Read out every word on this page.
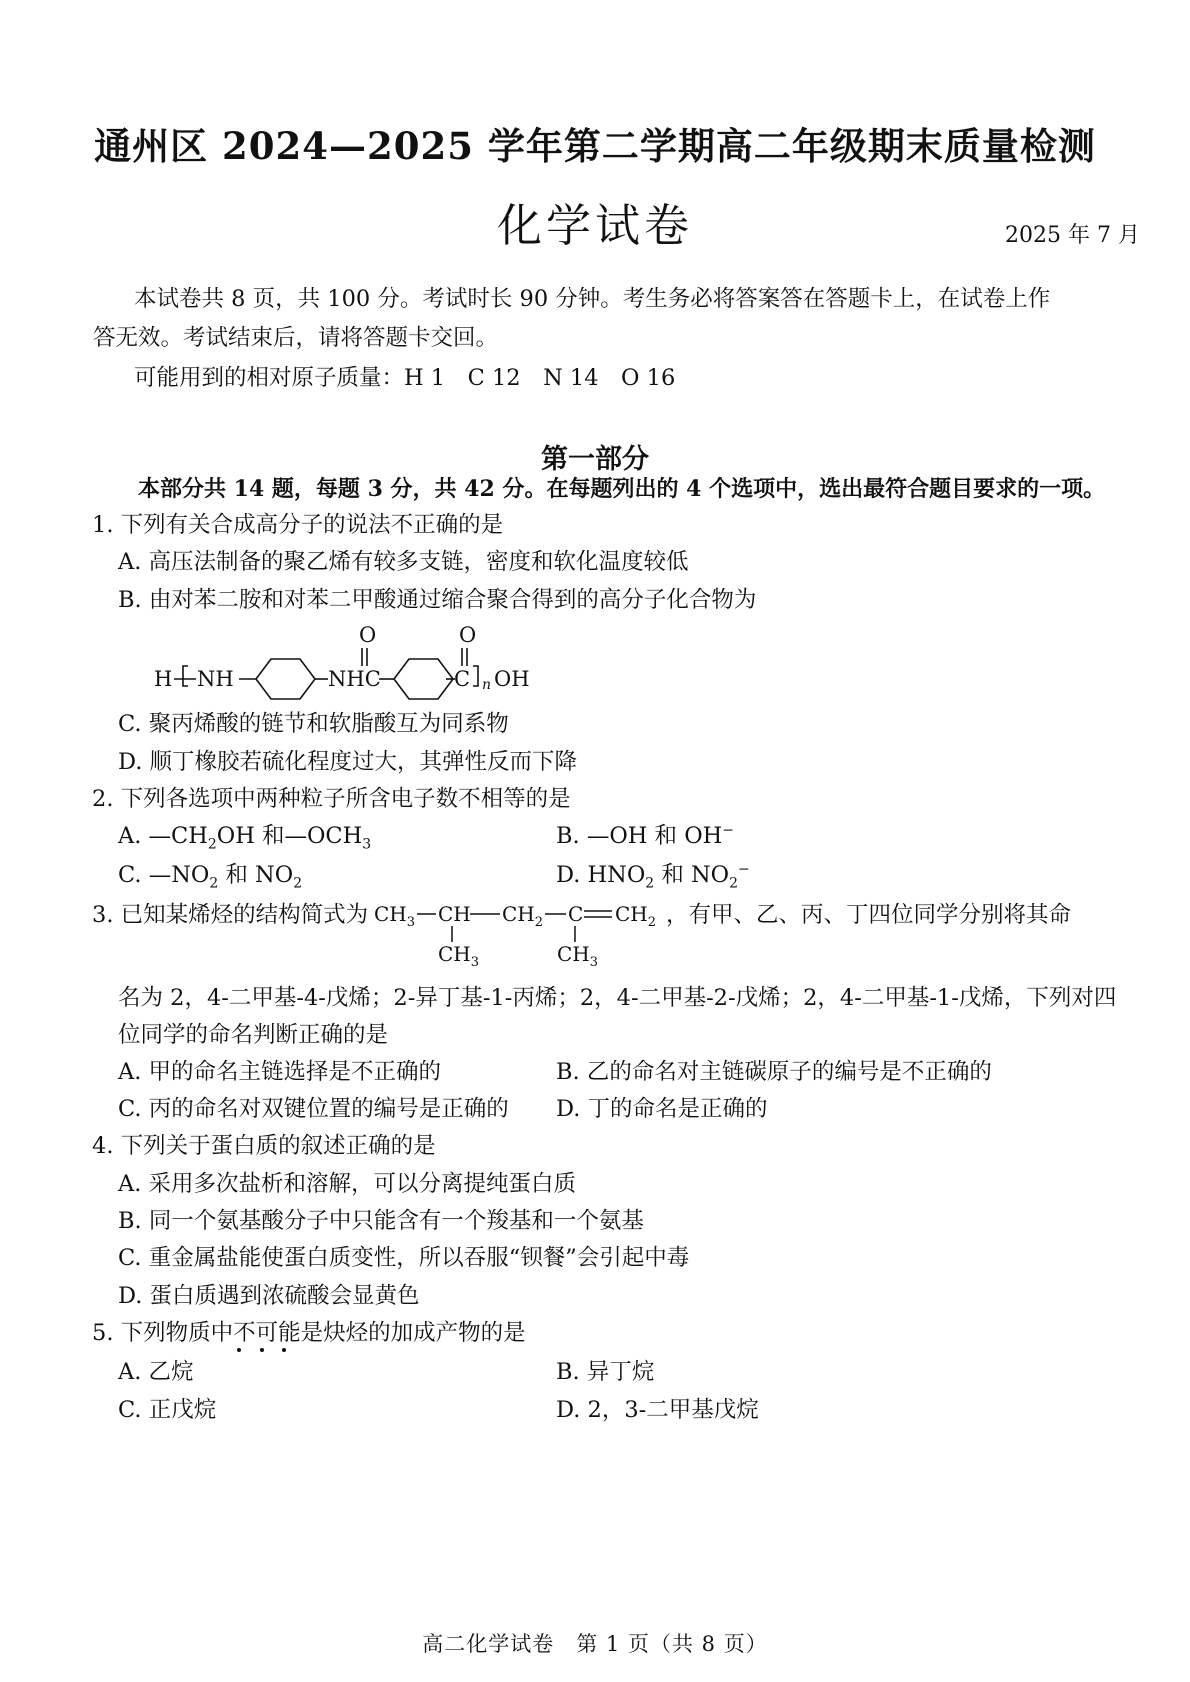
通州区 2024—2025 学年第二学期高二年级期末质量检测
化学试卷	2025 年 7 月
本试卷共 8 页，共 100 分。考试时长 90 分钟。考生务必将答案答在答题卡上，在试卷上作
答无效。考试结束后，请将答题卡交回。
可能用到的相对原子质量：H 1　C 12　N 14　O 16
第一部分
本部分共 14 题，每题 3 分，共 42 分。在每题列出的 4 个选项中，选出最符合题目要求的一项。
1. 下列有关合成高分子的说法不正确的是
A. 高压法制备的聚乙烯有较多支链，密度和软化温度较低
B. 由对苯二胺和对苯二甲酸通过缩合聚合得到的高分子化合物为
H NH	NHC	C n OH
O	O
C. 聚丙烯酸的链节和软脂酸互为同系物
D. 顺丁橡胶若硫化程度过大，其弹性反而下降
2. 下列各选项中两种粒子所含电子数不相等的是
A. $—CH_2OH$ 和$—OCH_3$	B. —OH 和 OH−
C. $—NO_2$ 和 $NO_2$	D. $HNO_2$ 和 $NO_2^-$
3. 已知某烯烃的结构简式为 $CH_3$ CH $CH_2$ C $CH_2$
$CH_3$	$CH_3$
，有甲、乙、丙、丁四位同学分别将其命
名为 2，4-二甲基-4-戊烯；2-异丁基-1-丙烯；2，4-二甲基-2-戊烯；2，4-二甲基-1-戊烯，下列对四
位同学的命名判断正确的是
A. 甲的命名主链选择是不正确的	B. 乙的命名对主链碳原子的编号是不正确的
C. 丙的命名对双键位置的编号是正确的 D. 丁的命名是正确的
4. 下列关于蛋白质的叙述正确的是
A. 采用多次盐析和溶解，可以分离提纯蛋白质
B. 同一个氨基酸分子中只能含有一个羧基和一个氨基
C. 重金属盐能使蛋白质变性，所以吞服“钡餐”会引起中毒
D. 蛋白质遇到浓硫酸会显黄色
5. 下列物质中不可能是炔烃的加成产物的是
A. 乙烷	B. 异丁烷
C. 正戊烷	D. 2，3-二甲基戊烷
高二化学试卷　第 1 页（共 8 页）
